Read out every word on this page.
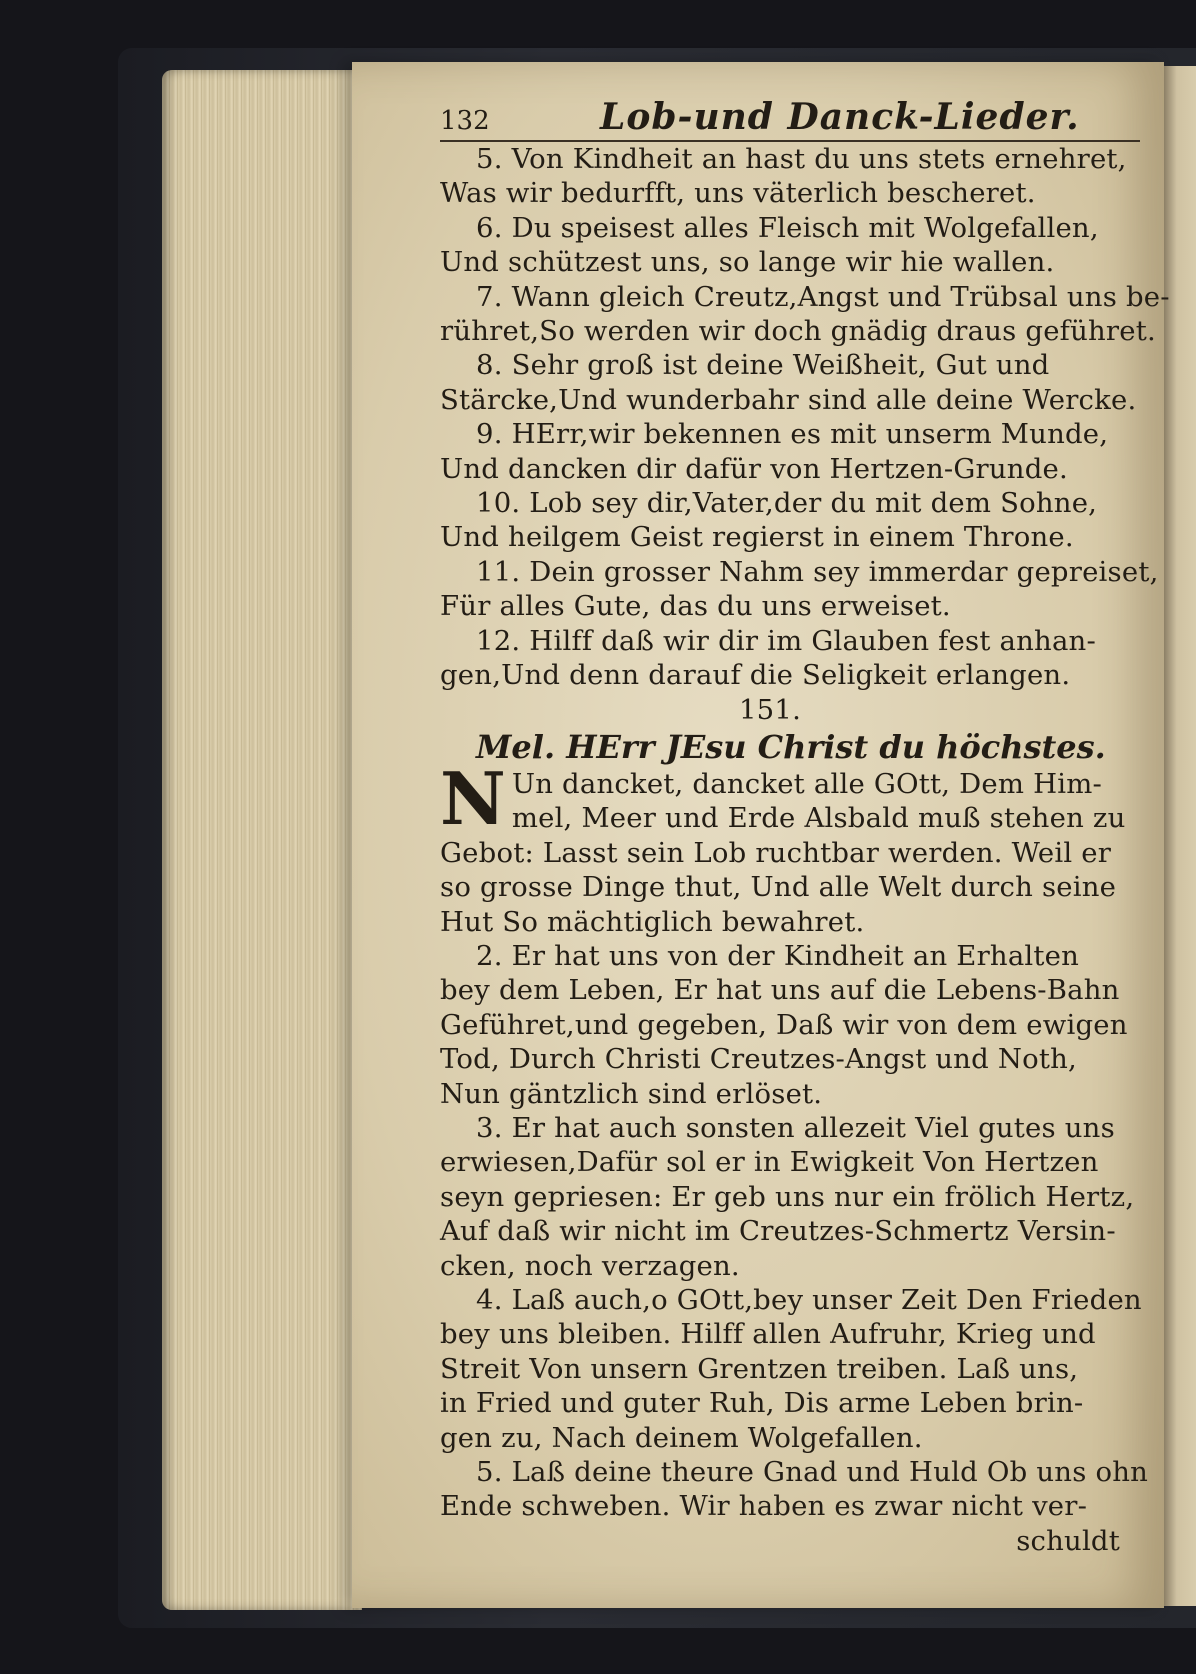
132	Lob-und Danck-Lieder.
5. Von Kindheit an hast du uns stets ernehret,
Was wir bedurfft, uns väterlich bescheret.
6. Du speisest alles Fleisch mit Wolgefallen,
Und schützest uns, so lange wir hie wallen.
7. Wann gleich Creutz,Angst und Trübsal uns be-
rühret,So werden wir doch gnädig draus geführet.
8. Sehr groß ist deine Weißheit, Gut und
Stärcke,Und wunderbahr sind alle deine Wercke.
9. HErr,wir bekennen es mit unserm Munde,
Und dancken dir dafür von Hertzen-Grunde.
10. Lob sey dir,Vater,der du mit dem Sohne,
Und heilgem Geist regierst in einem Throne.
11. Dein grosser Nahm sey immerdar gepreiset,
Für alles Gute, das du uns erweiset.
12. Hilff daß wir dir im Glauben fest anhan-
gen,Und denn darauf die Seligkeit erlangen.
151.
Mel. HErr JEsu Christ du höchstes.
N Un dancket, dancket alle GOtt, Dem Him-
mel, Meer und Erde Alsbald muß stehen zu
Gebot: Lasst sein Lob ruchtbar werden. Weil er
so grosse Dinge thut, Und alle Welt durch seine
Hut So mächtiglich bewahret.
2. Er hat uns von der Kindheit an Erhalten
bey dem Leben, Er hat uns auf die Lebens-Bahn
Geführet,und gegeben, Daß wir von dem ewigen
Tod, Durch Christi Creutzes-Angst und Noth,
Nun gäntzlich sind erlöset.
3. Er hat auch sonsten allezeit Viel gutes uns
erwiesen,Dafür sol er in Ewigkeit Von Hertzen
seyn gepriesen: Er geb uns nur ein frölich Hertz,
Auf daß wir nicht im Creutzes-Schmertz Versin-
cken, noch verzagen.
4. Laß auch,o GOtt,bey unser Zeit Den Frieden
bey uns bleiben. Hilff allen Aufruhr, Krieg und
Streit Von unsern Grentzen treiben. Laß uns,
in Fried und guter Ruh, Dis arme Leben brin-
gen zu, Nach deinem Wolgefallen.
5. Laß deine theure Gnad und Huld Ob uns ohn
Ende schweben. Wir haben es zwar nicht ver-
schuldt
